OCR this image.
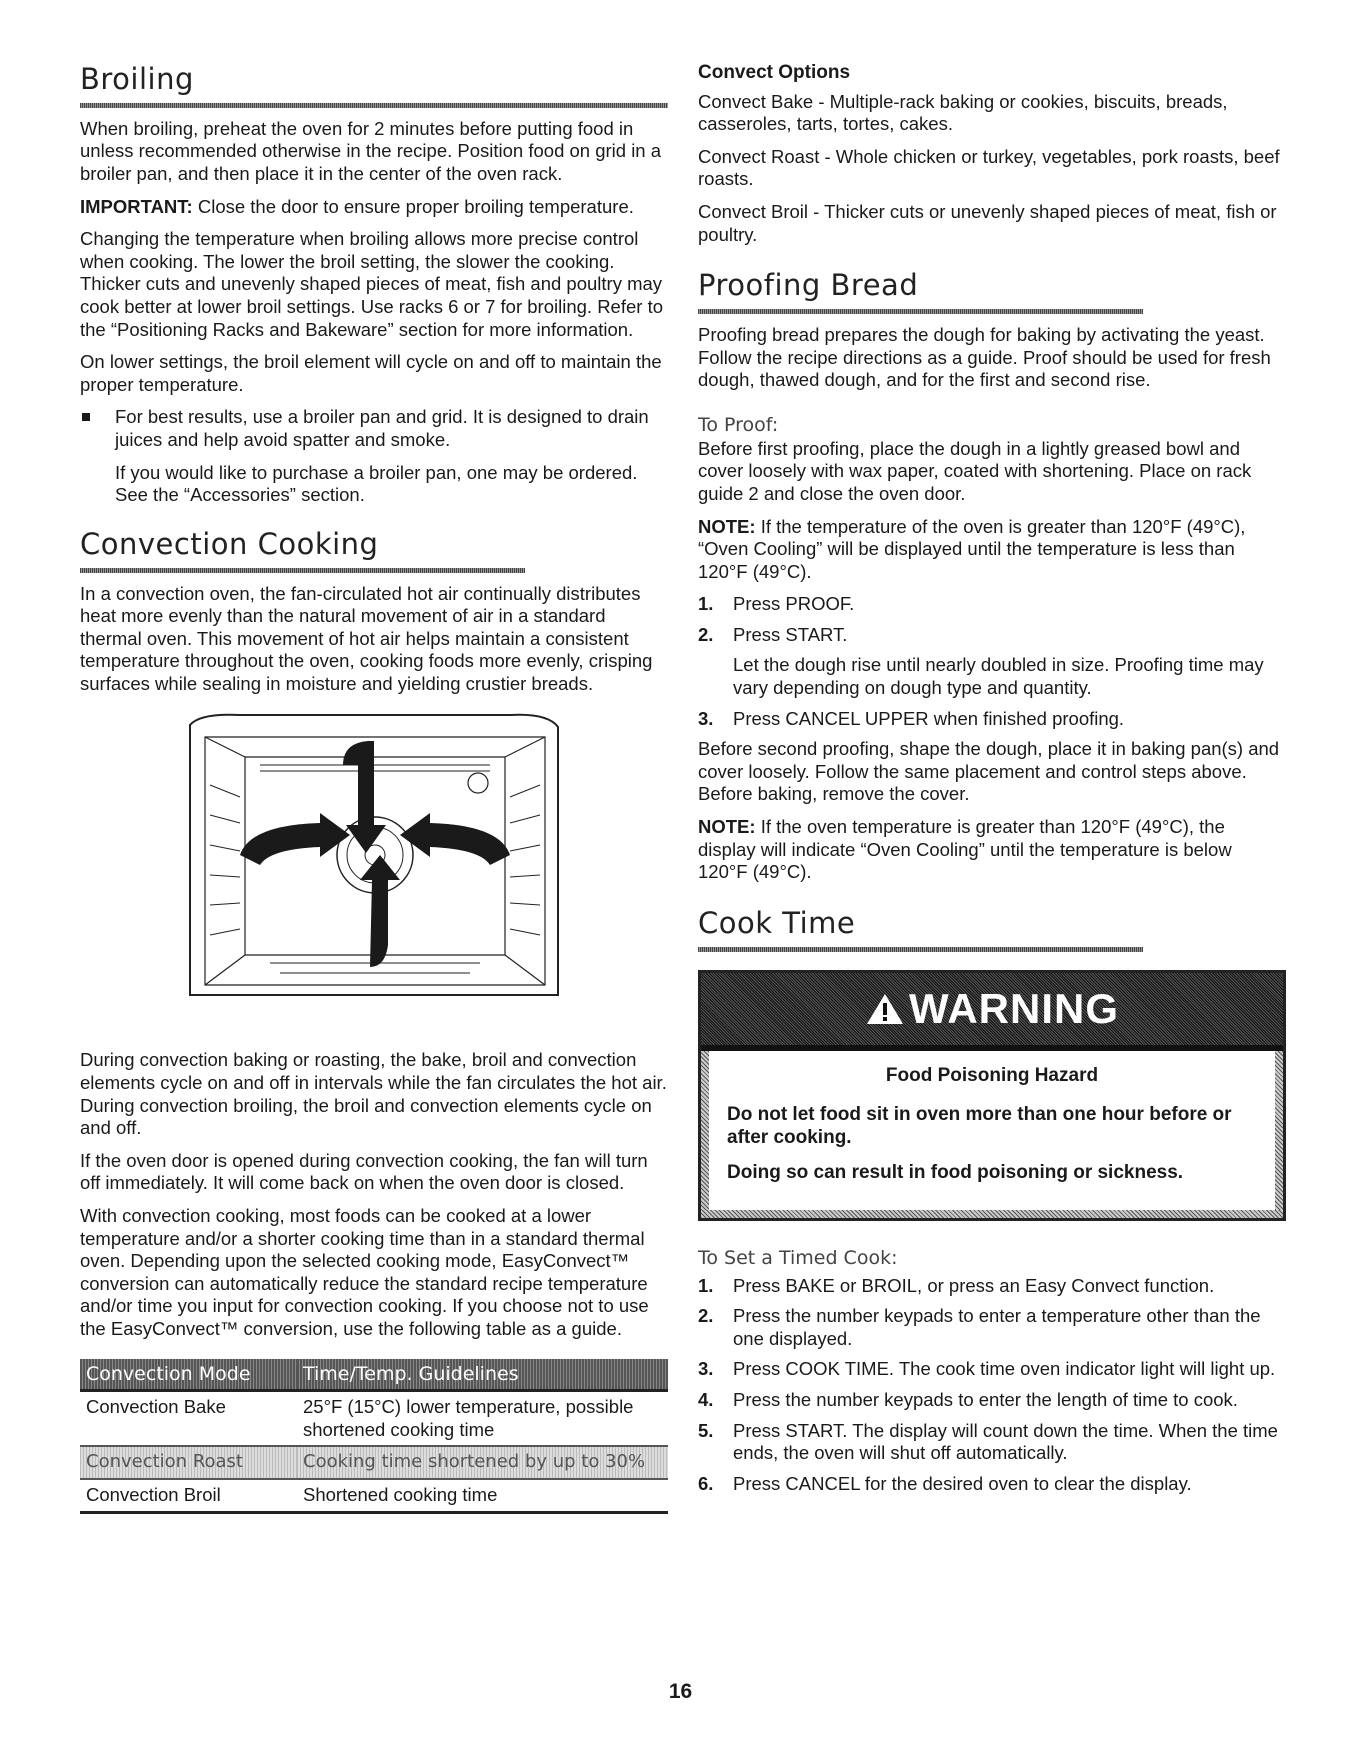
Broiling

When broiling, preheat the oven for 2 minutes before putting food in unless recommended otherwise in the recipe. Position food on grid in a broiler pan, and then place it in the center of the oven rack.

IMPORTANT: Close the door to ensure proper broiling temperature.

Changing the temperature when broiling allows more precise control when cooking. The lower the broil setting, the slower the cooking. Thicker cuts and unevenly shaped pieces of meat, fish and poultry may cook better at lower broil settings. Use racks 6 or 7 for broiling. Refer to the “Positioning Racks and Bakeware” section for more information.

On lower settings, the broil element will cycle on and off to maintain the proper temperature.

For best results, use a broiler pan and grid. It is designed to drain juices and help avoid spatter and smoke.

If you would like to purchase a broiler pan, one may be ordered. See the “Accessories” section.

Convection Cooking

In a convection oven, the fan-circulated hot air continually distributes heat more evenly than the natural movement of air in a standard thermal oven. This movement of hot air helps maintain a consistent temperature throughout the oven, cooking foods more evenly, crisping surfaces while sealing in moisture and yielding crustier breads.

During convection baking or roasting, the bake, broil and convection elements cycle on and off in intervals while the fan circulates the hot air. During convection broiling, the broil and convection elements cycle on and off.

If the oven door is opened during convection cooking, the fan will turn off immediately. It will come back on when the oven door is closed.

With convection cooking, most foods can be cooked at a lower temperature and/or a shorter cooking time than in a standard thermal oven. Depending upon the selected cooking mode, EasyConvect™ conversion can automatically reduce the standard recipe temperature and/or time you input for convection cooking. If you choose not to use the EasyConvect™ conversion, use the following table as a guide.

Convection Mode	Time/Temp. Guidelines
Convection Bake	25°F (15°C) lower temperature, possible shortened cooking time
Convection Roast	Cooking time shortened by up to 30%
Convection Broil	Shortened cooking time

Convect Options

Convect Bake - Multiple-rack baking or cookies, biscuits, breads, casseroles, tarts, tortes, cakes.

Convect Roast - Whole chicken or turkey, vegetables, pork roasts, beef roasts.

Convect Broil - Thicker cuts or unevenly shaped pieces of meat, fish or poultry.

Proofing Bread

Proofing bread prepares the dough for baking by activating the yeast. Follow the recipe directions as a guide. Proof should be used for fresh dough, thawed dough, and for the first and second rise.

To Proof:

Before first proofing, place the dough in a lightly greased bowl and cover loosely with wax paper, coated with shortening. Place on rack guide 2 and close the oven door.

NOTE: If the temperature of the oven is greater than 120°F (49°C), “Oven Cooling” will be displayed until the temperature is less than 120°F (49°C).

1. Press PROOF.
2. Press START.
Let the dough rise until nearly doubled in size. Proofing time may vary depending on dough type and quantity.
3. Press CANCEL UPPER when finished proofing.

Before second proofing, shape the dough, place it in baking pan(s) and cover loosely. Follow the same placement and control steps above. Before baking, remove the cover.

NOTE: If the oven temperature is greater than 120°F (49°C), the display will indicate “Oven Cooling” until the temperature is below 120°F (49°C).

Cook Time
WARNING
Food Poisoning Hazard

Do not let food sit in oven more than one hour before or after cooking.

Doing so can result in food poisoning or sickness.

To Set a Timed Cook:
1. Press BAKE or BROIL, or press an Easy Convect function.
2. Press the number keypads to enter a temperature other than the one displayed.
3. Press COOK TIME. The cook time oven indicator light will light up.
4. Press the number keypads to enter the length of time to cook.
5. Press START. The display will count down the time. When the time ends, the oven will shut off automatically.
6. Press CANCEL for the desired oven to clear the display.
16
